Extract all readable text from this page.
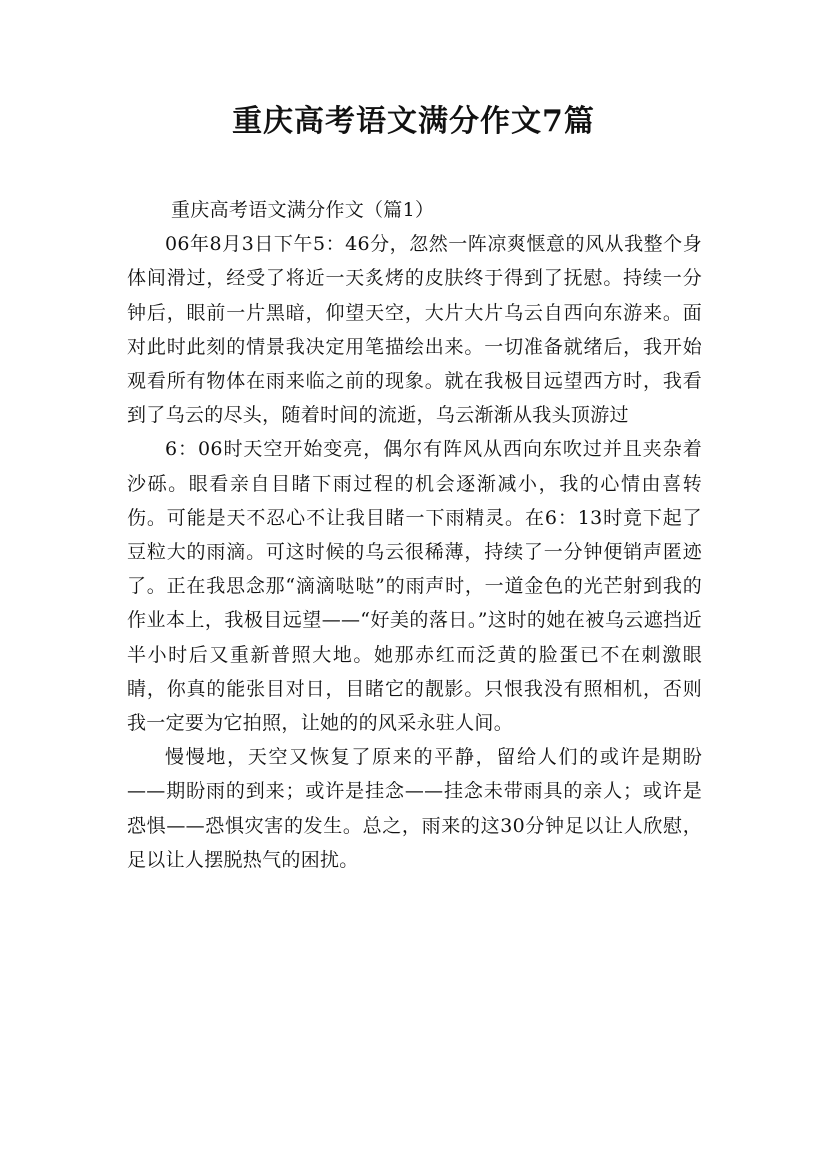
重庆高考语文满分作文7篇

重庆高考语文满分作文（篇1）

06年8月3日下午5：46分，忽然一阵凉爽惬意的风从我整个身体间滑过，经受了将近一天炙烤的皮肤终于得到了抚慰。持续一分钟后，眼前一片黑暗，仰望天空，大片大片乌云自西向东游来。面对此时此刻的情景我决定用笔描绘出来。一切准备就绪后，我开始观看所有物体在雨来临之前的现象。就在我极目远望西方时，我看到了乌云的尽头，随着时间的流逝，乌云渐渐从我头顶游过

6：06时天空开始变亮，偶尔有阵风从西向东吹过并且夹杂着沙砾。眼看亲自目睹下雨过程的机会逐渐减小，我的心情由喜转伤。可能是天不忍心不让我目睹一下雨精灵。在6：13时竟下起了豆粒大的雨滴。可这时候的乌云很稀薄，持续了一分钟便销声匿迹了。正在我思念那“滴滴哒哒”的雨声时，一道金色的光芒射到我的作业本上，我极目远望——“好美的落日。”这时的她在被乌云遮挡近半小时后又重新普照大地。她那赤红而泛黄的脸蛋已不在刺激眼睛，你真的能张目对日，目睹它的靓影。只恨我没有照相机，否则我一定要为它拍照，让她的的风采永驻人间。

慢慢地，天空又恢复了原来的平静，留给人们的或许是期盼——期盼雨的到来；或许是挂念——挂念未带雨具的亲人；或许是恐惧——恐惧灾害的发生。总之，雨来的这30分钟足以让人欣慰，足以让人摆脱热气的困扰。
